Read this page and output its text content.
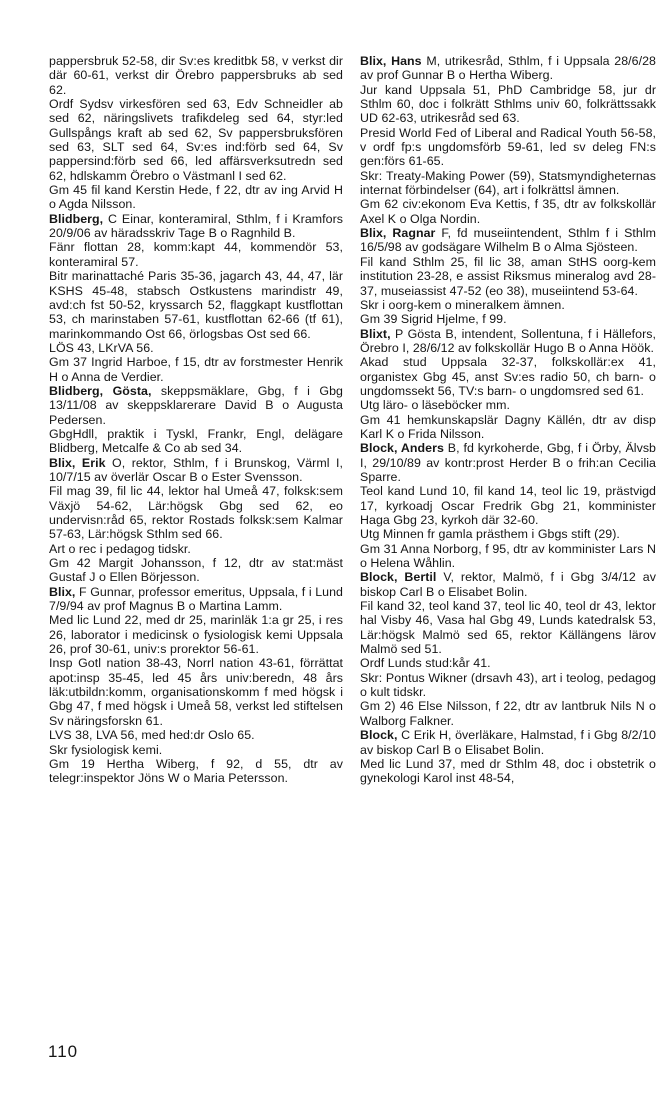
pappersbruk 52-58, dir Sv:es kreditbk 58, v verkst dir där 60-61, verkst dir Örebro pappersbruks ab sed 62.

Ordf Sydsv virkesfören sed 63, Edv Schneidler ab sed 62, näringslivets trafikdeleg sed 64, styr:led Gullspångs kraft ab sed 62, Sv pappersbruksfören sed 63, SLT sed 64, Sv:es ind:förb sed 64, Sv pappersind:förb sed 66, led affärsverksutredn sed 62, hdlskamm Örebro o Västmanl I sed 62.

Gm 45 fil kand Kerstin Hede, f 22, dtr av ing Arvid H o Agda Nilsson.

Blidberg, C Einar, konteramiral, Sthlm, f i Kramfors 20/9/06 av häradsskriv Tage B o Ragnhild B.

Fänr flottan 28, komm:kapt 44, kommendör 53, konteramiral 57.

Bitr marinattaché Paris 35-36, jagarch 43, 44, 47, lär KSHS 45-48, stabsch Ostkustens marindistr 49, avd:ch fst 50-52, kryssarch 52, flaggkapt kustflottan 53, ch marinstaben 57-61, kustflottan 62-66 (tf 61), marinkommando Ost 66, örlogsbas Ost sed 66.

LÖS 43, LKrVA 56.

Gm 37 Ingrid Harboe, f 15, dtr av forstmester Henrik H o Anna de Verdier.

Blidberg, Gösta, skeppsmäklare, Gbg, f i Gbg 13/11/08 av skeppsklarerare David B o Augusta Pedersen.

GbgHdll, praktik i Tyskl, Frankr, Engl, delägare Blidberg, Metcalfe & Co ab sed 34.

Blix, Erik O, rektor, Sthlm, f i Brunskog, Värml I, 10/7/15 av överlär Oscar B o Ester Svensson.

Fil mag 39, fil lic 44, lektor hal Umeå 47, folksk:sem Växjö 54-62, Lär:högsk Gbg sed 62, eo undervisn:råd 65, rektor Rostads folksk:sem Kalmar 57-63, Lär:högsk Sthlm sed 66.

Art o rec i pedagog tidskr.

Gm 42 Margit Johansson, f 12, dtr av stat:mäst Gustaf J o Ellen Börjesson.

Blix, F Gunnar, professor emeritus, Uppsala, f i Lund 7/9/94 av prof Magnus B o Martina Lamm.

Med lic Lund 22, med dr 25, marinläk 1:a gr 25, i res 26, laborator i medicinsk o fysiologisk kemi Uppsala 26, prof 30-61, univ:s prorektor 56-61.

Insp Gotl nation 38-43, Norrl nation 43-61, förrättat apot:insp 35-45, led 45 års univ:beredn, 48 års läk:utbildn:komm, organisationskomm f med högsk i Gbg 47, f med högsk i Umeå 58, verkst led stiftelsen Sv näringsforskn 61.

LVS 38, LVA 56, med hed:dr Oslo 65.

Skr fysiologisk kemi.

Gm 19 Hertha Wiberg, f 92, d 55, dtr av telegr:inspektor Jöns W o Maria Petersson.

Blix, Hans M, utrikesråd, Sthlm, f i Uppsala 28/6/28 av prof Gunnar B o Hertha Wiberg.

Jur kand Uppsala 51, PhD Cambridge 58, jur dr Sthlm 60, doc i folkrätt Sthlms univ 60, folkrättssakk UD 62-63, utrikesråd sed 63.

Presid World Fed of Liberal and Radical Youth 56-58, v ordf fp:s ungdomsförb 59-61, led sv deleg FN:s gen:förs 61-65.

Skr: Treaty-Making Power (59), Statsmyndigheternas internat förbindelser (64), art i folkrättsl ämnen.

Gm 62 civ:ekonom Eva Kettis, f 35, dtr av folkskollär Axel K o Olga Nordin.

Blix, Ragnar F, fd museiintendent, Sthlm f i Sthlm 16/5/98 av godsägare Wilhelm B o Alma Sjösteen.

Fil kand Sthlm 25, fil lic 38, aman StHS oorg-kem institution 23-28, e assist Riksmus mineralog avd 28-37, museiassist 47-52 (eo 38), museiintend 53-64.

Skr i oorg-kem o mineralkem ämnen.

Gm 39 Sigrid Hjelme, f 99.

Blixt, P Gösta B, intendent, Sollentuna, f i Hällefors, Örebro I, 28/6/12 av folkskollär Hugo B o Anna Höök.

Akad stud Uppsala 32-37, folkskollär:ex 41, organistex Gbg 45, anst Sv:es radio 50, ch barn- o ungdomssekt 56, TV:s barn- o ungdomsred sed 61.

Utg läro- o läseböcker mm.

Gm 41 hemkunskapslär Dagny Källén, dtr av disp Karl K o Frida Nilsson.

Block, Anders B, fd kyrkoherde, Gbg, f i Örby, Älvsb I, 29/10/89 av kontr:prost Herder B o frih:an Cecilia Sparre.

Teol kand Lund 10, fil kand 14, teol lic 19, prästvigd 17, kyrkoadj Oscar Fredrik Gbg 21, komminister Haga Gbg 23, kyrkoh där 32-60.

Utg Minnen fr gamla prästhem i Gbgs stift (29).

Gm 31 Anna Norborg, f 95, dtr av komminister Lars N o Helena Wåhlin.

Block, Bertil V, rektor, Malmö, f i Gbg 3/4/12 av biskop Carl B o Elisabet Bolin.

Fil kand 32, teol kand 37, teol lic 40, teol dr 43, lektor hal Visby 46, Vasa hal Gbg 49, Lunds katedralsk 53, Lär:högsk Malmö sed 65, rektor Källängens lärov Malmö sed 51.

Ordf Lunds stud:kår 41.

Skr: Pontus Wikner (drsavh 43), art i teolog, pedagog o kult tidskr.

Gm 2) 46 Else Nilsson, f 22, dtr av lantbruk Nils N o Walborg Falkner.

Block, C Erik H, överläkare, Halmstad, f i Gbg 8/2/10 av biskop Carl B o Elisabet Bolin.

Med lic Lund 37, med dr Sthlm 48, doc i obstetrik o gynekologi Karol inst 48-54,

110
